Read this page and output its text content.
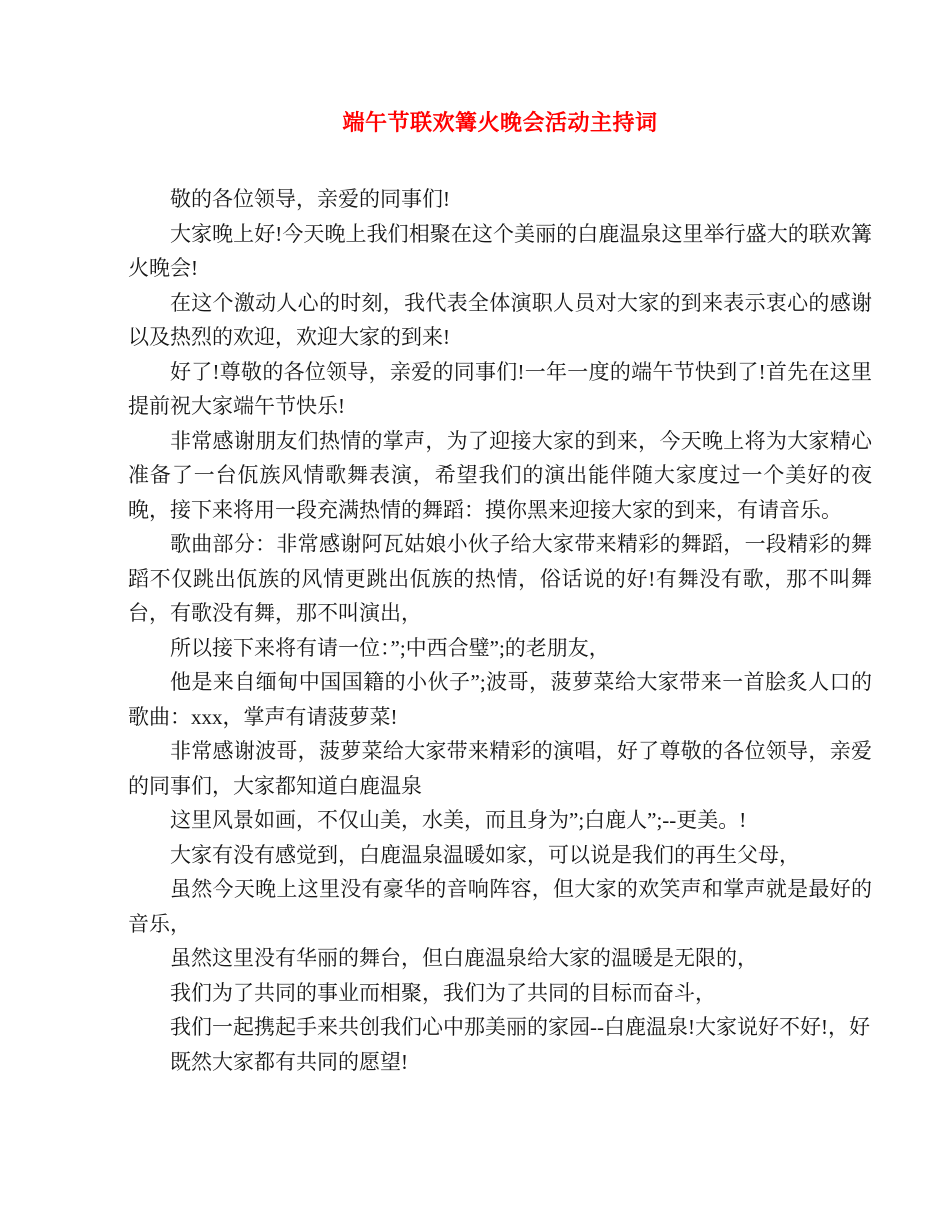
端午节联欢篝火晚会活动主持词

敬的各位领导，亲爱的同事们!

大家晚上好!今天晚上我们相聚在这个美丽的白鹿温泉这里举行盛大的联欢篝火晚会!

在这个激动人心的时刻，我代表全体演职人员对大家的到来表示衷心的感谢以及热烈的欢迎，欢迎大家的到来!

好了!尊敬的各位领导，亲爱的同事们!一年一度的端午节快到了!首先在这里提前祝大家端午节快乐!

非常感谢朋友们热情的掌声，为了迎接大家的到来，今天晚上将为大家精心准备了一台佤族风情歌舞表演，希望我们的演出能伴随大家度过一个美好的夜晚，接下来将用一段充满热情的舞蹈：摸你黑来迎接大家的到来，有请音乐。

歌曲部分：非常感谢阿瓦姑娘小伙子给大家带来精彩的舞蹈，一段精彩的舞蹈不仅跳出佤族的风情更跳出佤族的热情，俗话说的好!有舞没有歌，那不叫舞台，有歌没有舞，那不叫演出，

所以接下来将有请一位：”;中西合璧”;的老朋友，

他是来自缅甸中国国籍的小伙子”;波哥，菠萝菜给大家带来一首脍炙人口的歌曲：xxx，掌声有请菠萝菜!

非常感谢波哥，菠萝菜给大家带来精彩的演唱，好了尊敬的各位领导，亲爱的同事们，大家都知道白鹿温泉

这里风景如画，不仅山美，水美，而且身为”;白鹿人”;--更美。!

大家有没有感觉到，白鹿温泉温暖如家，可以说是我们的再生父母，

虽然今天晚上这里没有豪华的音响阵容，但大家的欢笑声和掌声就是最好的音乐，

虽然这里没有华丽的舞台，但白鹿温泉给大家的温暖是无限的，

我们为了共同的事业而相聚，我们为了共同的目标而奋斗，

我们一起携起手来共创我们心中那美丽的家园--白鹿温泉!大家说好不好!，好

既然大家都有共同的愿望!
